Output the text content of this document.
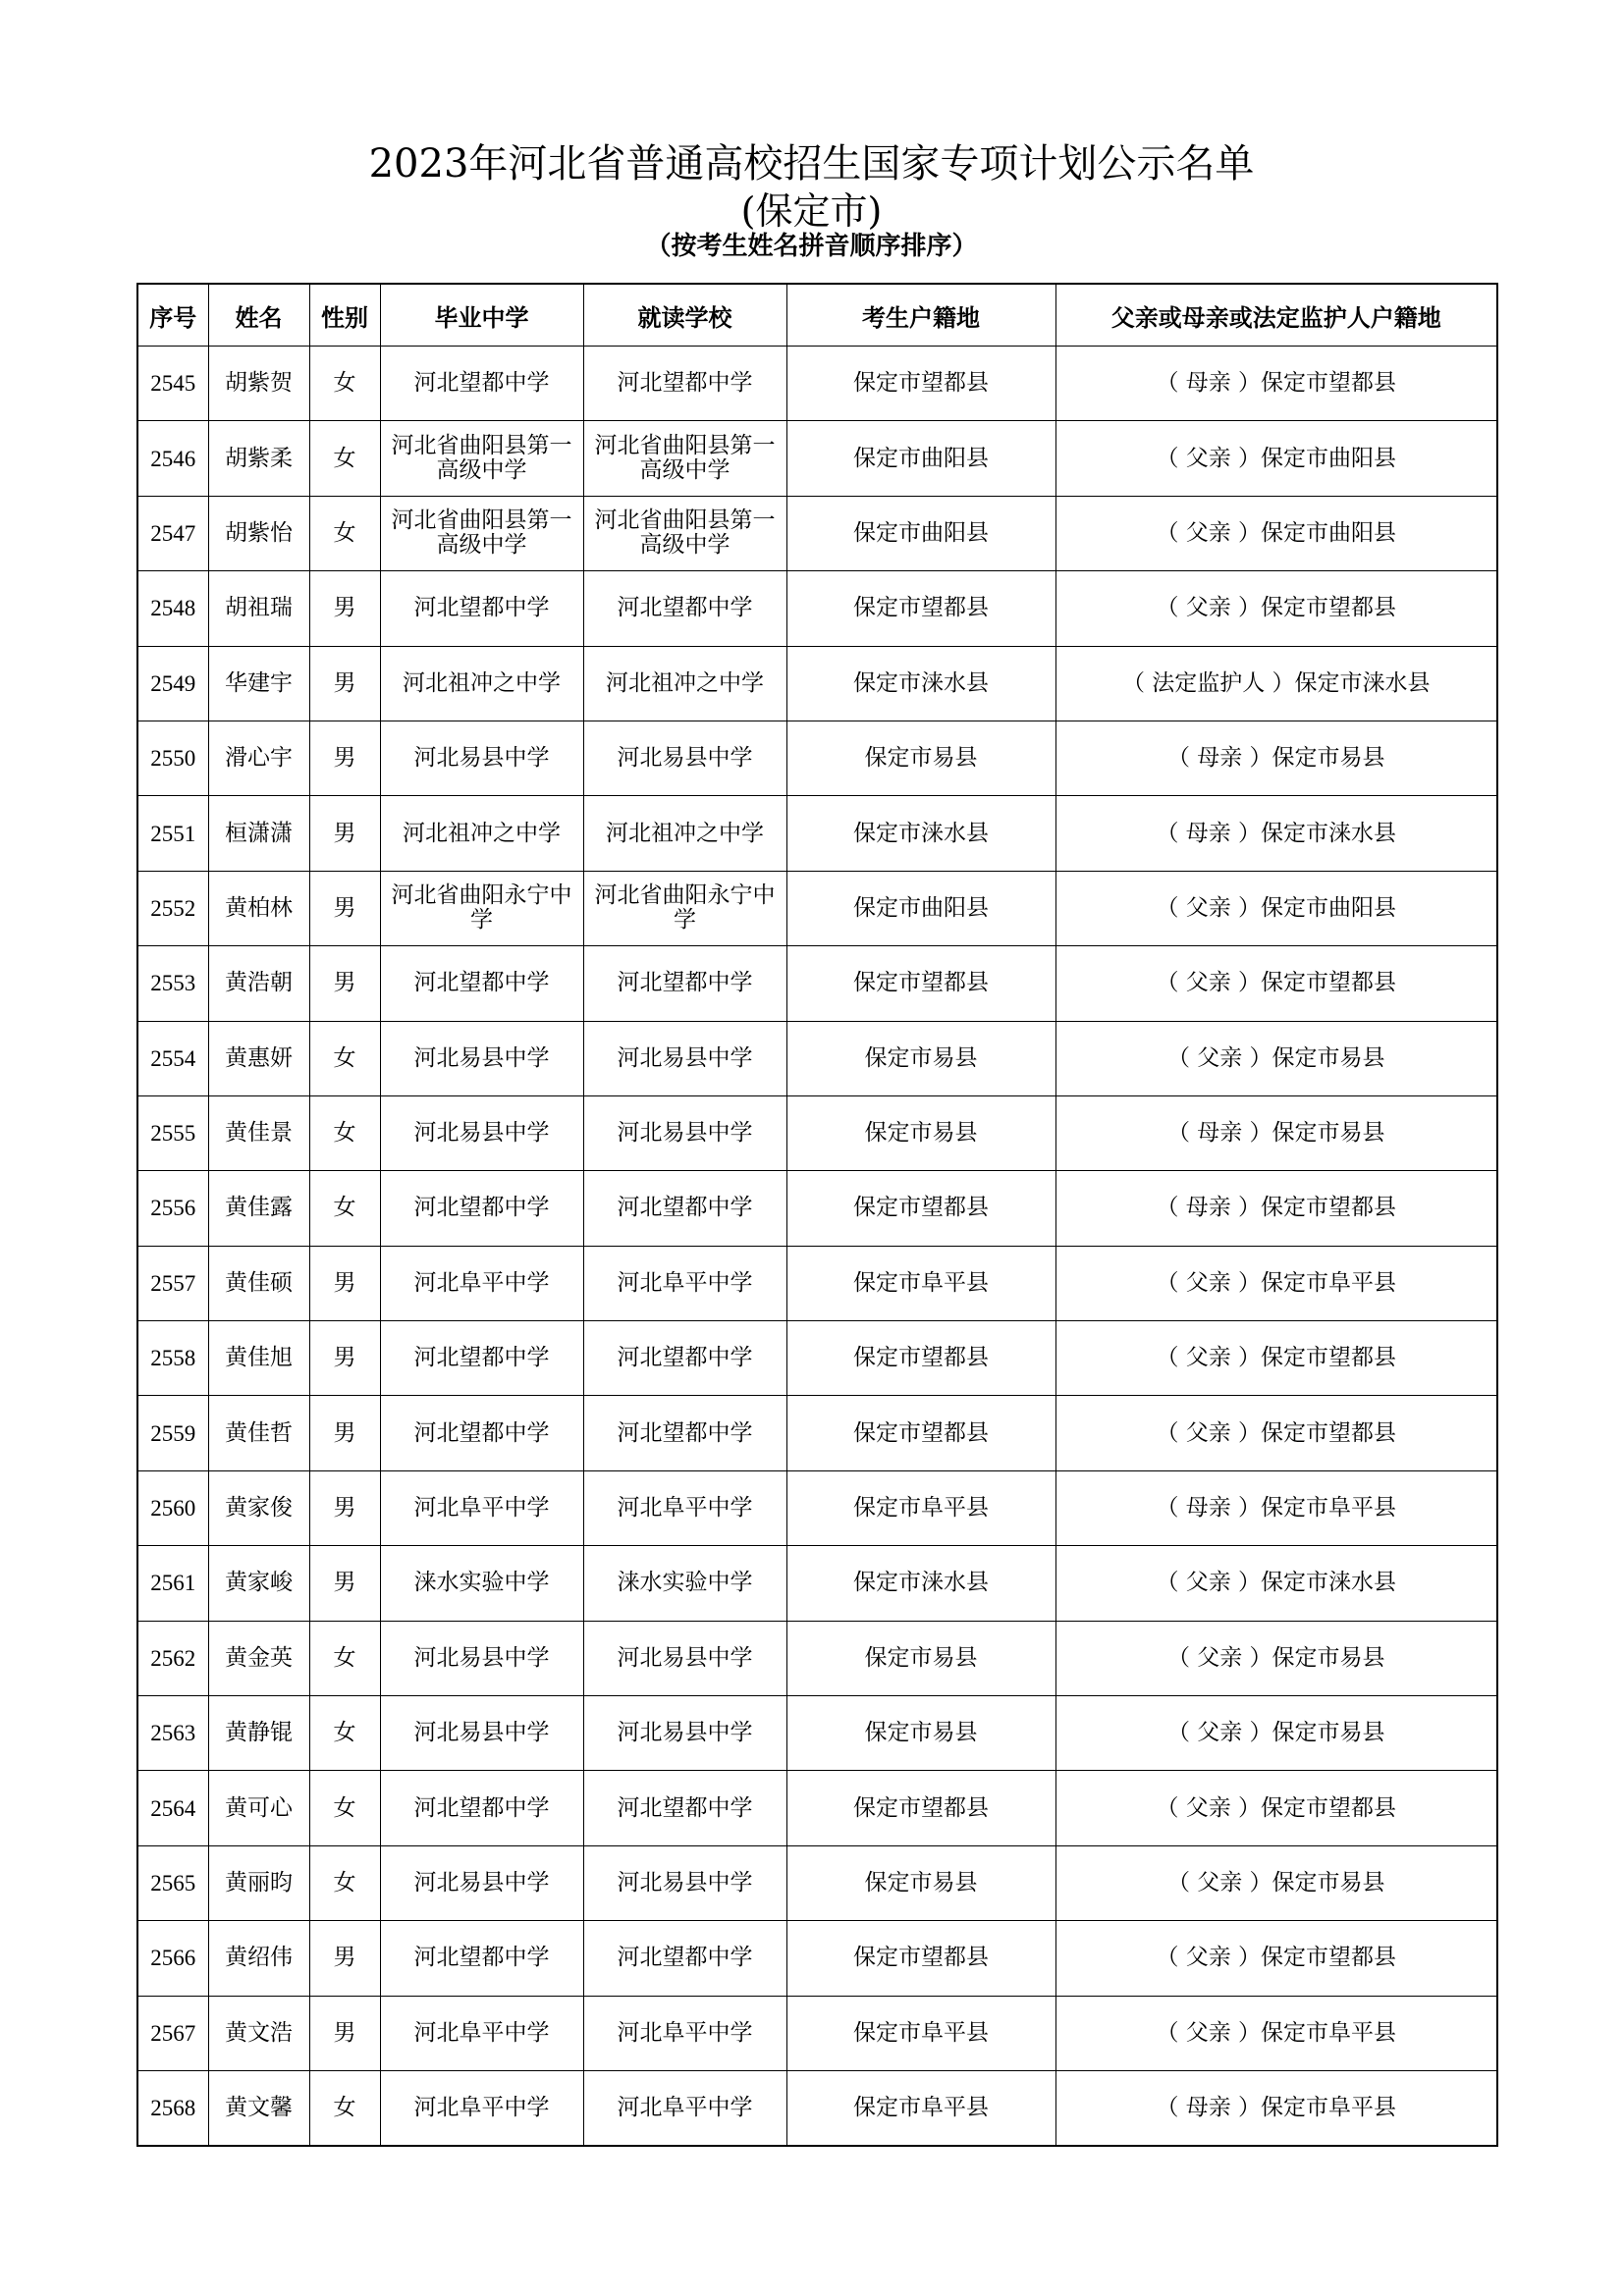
2023年河北省普通高校招生国家专项计划公示名单
(保定市)
（按考生姓名拼音顺序排序）
序号	姓名	性别	毕业中学	就读学校	考生户籍地	父亲或母亲或法定监护人户籍地
2545	胡紫贺	女	河北望都中学	河北望都中学	保定市望都县	（ 母亲 ）保定市望都县
2546	胡紫柔	女	河北省曲阳县第一高级中学	河北省曲阳县第一高级中学	保定市曲阳县	（ 父亲 ）保定市曲阳县
2547	胡紫怡	女	河北省曲阳县第一高级中学	河北省曲阳县第一高级中学	保定市曲阳县	（ 父亲 ）保定市曲阳县
2548	胡祖瑞	男	河北望都中学	河北望都中学	保定市望都县	（ 父亲 ）保定市望都县
2549	华建宇	男	河北祖冲之中学	河北祖冲之中学	保定市涞水县	（ 法定监护人 ）保定市涞水县
2550	滑心宇	男	河北易县中学	河北易县中学	保定市易县	（ 母亲 ）保定市易县
2551	桓潇潇	男	河北祖冲之中学	河北祖冲之中学	保定市涞水县	（ 母亲 ）保定市涞水县
2552	黄柏林	男	河北省曲阳永宁中学	河北省曲阳永宁中学	保定市曲阳县	（ 父亲 ）保定市曲阳县
2553	黄浩朝	男	河北望都中学	河北望都中学	保定市望都县	（ 父亲 ）保定市望都县
2554	黄惠妍	女	河北易县中学	河北易县中学	保定市易县	（ 父亲 ）保定市易县
2555	黄佳景	女	河北易县中学	河北易县中学	保定市易县	（ 母亲 ）保定市易县
2556	黄佳露	女	河北望都中学	河北望都中学	保定市望都县	（ 母亲 ）保定市望都县
2557	黄佳硕	男	河北阜平中学	河北阜平中学	保定市阜平县	（ 父亲 ）保定市阜平县
2558	黄佳旭	男	河北望都中学	河北望都中学	保定市望都县	（ 父亲 ）保定市望都县
2559	黄佳哲	男	河北望都中学	河北望都中学	保定市望都县	（ 父亲 ）保定市望都县
2560	黄家俊	男	河北阜平中学	河北阜平中学	保定市阜平县	（ 母亲 ）保定市阜平县
2561	黄家峻	男	涞水实验中学	涞水实验中学	保定市涞水县	（ 父亲 ）保定市涞水县
2562	黄金英	女	河北易县中学	河北易县中学	保定市易县	（ 父亲 ）保定市易县
2563	黄静锟	女	河北易县中学	河北易县中学	保定市易县	（ 父亲 ）保定市易县
2564	黄可心	女	河北望都中学	河北望都中学	保定市望都县	（ 父亲 ）保定市望都县
2565	黄丽昀	女	河北易县中学	河北易县中学	保定市易县	（ 父亲 ）保定市易县
2566	黄绍伟	男	河北望都中学	河北望都中学	保定市望都县	（ 父亲 ）保定市望都县
2567	黄文浩	男	河北阜平中学	河北阜平中学	保定市阜平县	（ 父亲 ）保定市阜平县
2568	黄文馨	女	河北阜平中学	河北阜平中学	保定市阜平县	（ 母亲 ）保定市阜平县
